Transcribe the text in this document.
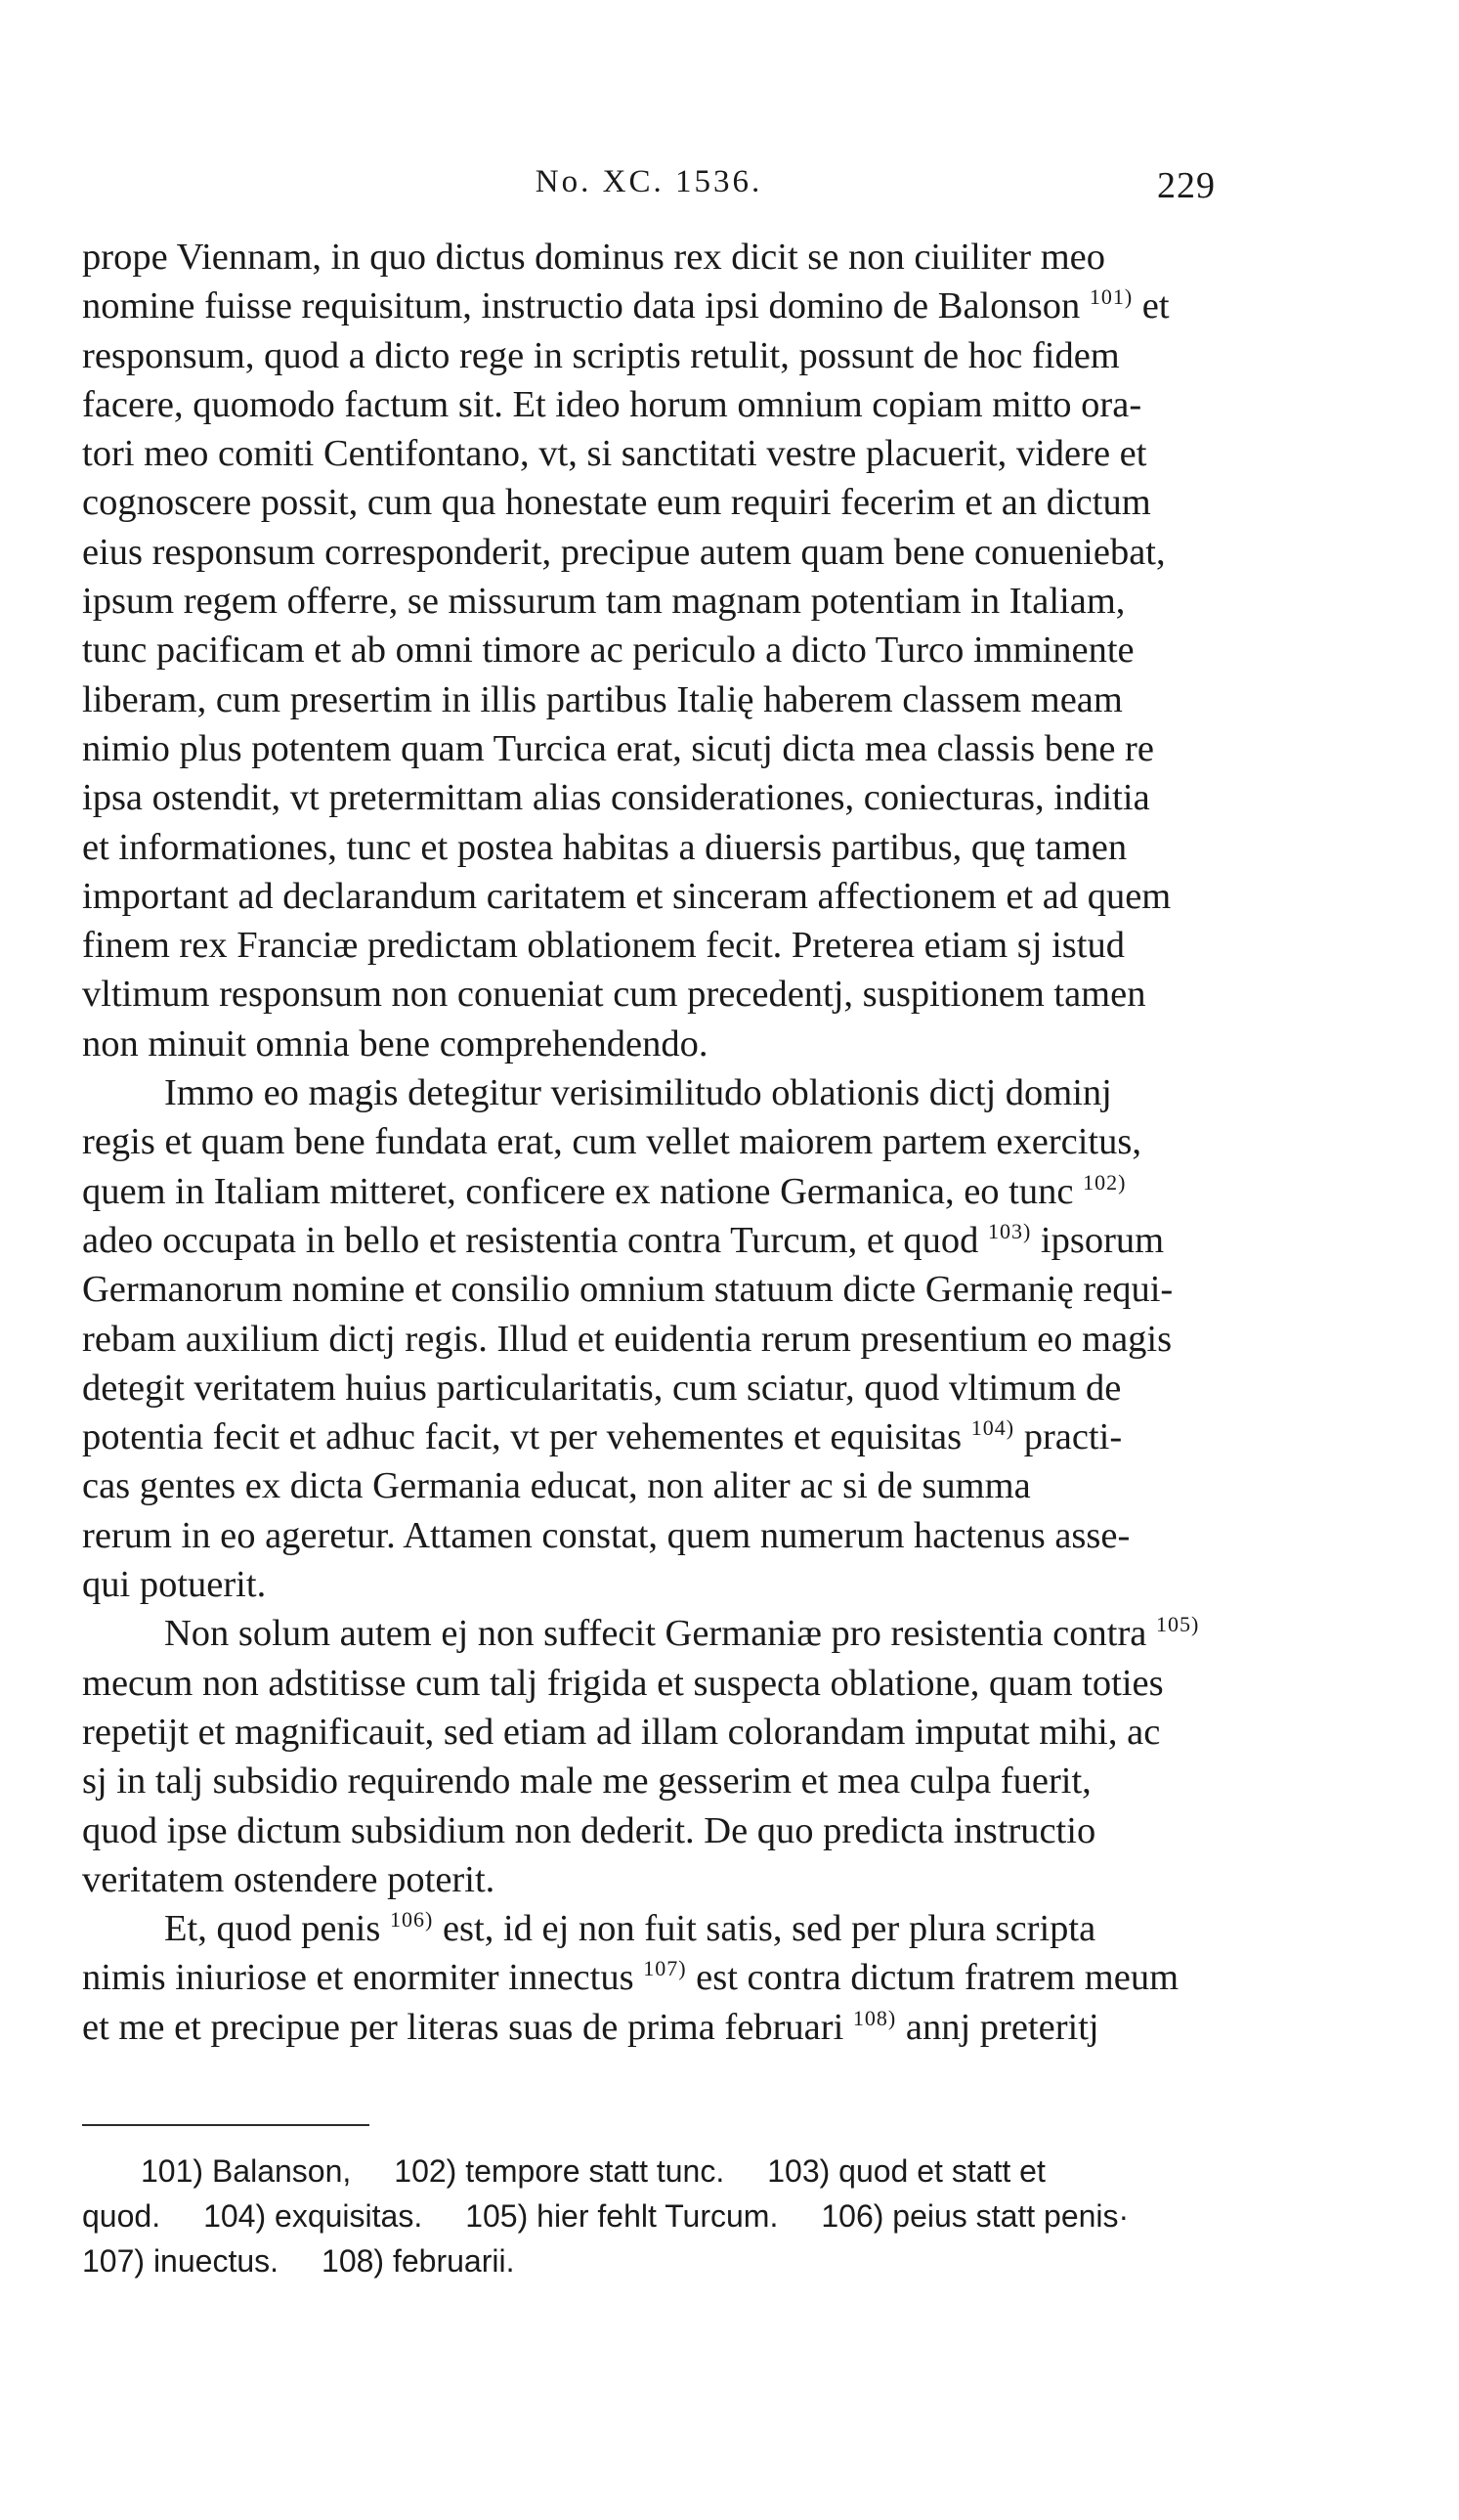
No. XC. 1536.	229
prope Viennam, in quo dictus dominus rex dicit se non ciuiliter meo
nomine fuisse requisitum, instructio data ipsi domino de Balonson $^{101)}$ et
responsum, quod a dicto rege in scriptis retulit, possunt de hoc fidem
facere, quomodo factum sit. Et ideo horum omnium copiam mitto ora-
tori meo comiti Centifontano, vt, si sanctitati vestre placuerit, videre et
cognoscere possit, cum qua honestate eum requiri fecerim et an dictum
eius responsum corresponderit, precipue autem quam bene conueniebat,
ipsum regem offerre, se missurum tam magnam potentiam in Italiam,
tunc pacificam et ab omni timore ac periculo a dicto Turco imminente
liberam, cum presertim in illis partibus Italię haberem classem meam
nimio plus potentem quam Turcica erat, sicutj dicta mea classis bene re
ipsa ostendit, vt pretermittam alias considerationes, coniecturas, inditia
et informationes, tunc et postea habitas a diuersis partibus, quę tamen
important ad declarandum caritatem et sinceram affectionem et ad quem
finem rex Franciæ predictam oblationem fecit. Preterea etiam sj istud
vltimum responsum non conueniat cum precedentj, suspitionem tamen
non minuit omnia bene comprehendendo.
Immo eo magis detegitur verisimilitudo oblationis dictj dominj
regis et quam bene fundata erat, cum vellet maiorem partem exercitus,
quem in Italiam mitteret, conficere ex natione Germanica, eo tunc $^{102)}$
adeo occupata in bello et resistentia contra Turcum, et quod $^{103)}$ ipsorum
Germanorum nomine et consilio omnium statuum dicte Germanię requi-
rebam auxilium dictj regis. Illud et euidentia rerum presentium eo magis
detegit veritatem huius particularitatis, cum sciatur, quod vltimum de
potentia fecit et adhuc facit, vt per vehementes et equisitas $^{104)}$ practi-
cas gentes ex dicta Germania educat, non aliter ac si de summa
rerum in eo ageretur. Attamen constat, quem numerum hactenus asse-
qui potuerit.
Non solum autem ej non suffecit Germaniæ pro resistentia contra $^{105)}$
mecum non adstitisse cum talj frigida et suspecta oblatione, quam toties
repetijt et magnificauit, sed etiam ad illam colorandam imputat mihi, ac
sj in talj subsidio requirendo male me gesserim et mea culpa fuerit,
quod ipse dictum subsidium non dederit. De quo predicta instructio
veritatem ostendere poterit.
Et, quod penis $^{106)}$ est, id ej non fuit satis, sed per plura scripta
nimis iniuriose et enormiter innectus $^{107)}$ est contra dictum fratrem meum
et me et precipue per literas suas de prima februari $^{108)}$ annj preteritj
101) Balanson, 102) tempore statt tunc. 103) quod et statt et
quod. 104) exquisitas. 105) hier fehlt Turcum. 106) peius statt penis·
107) inuectus. 108) februarii.
